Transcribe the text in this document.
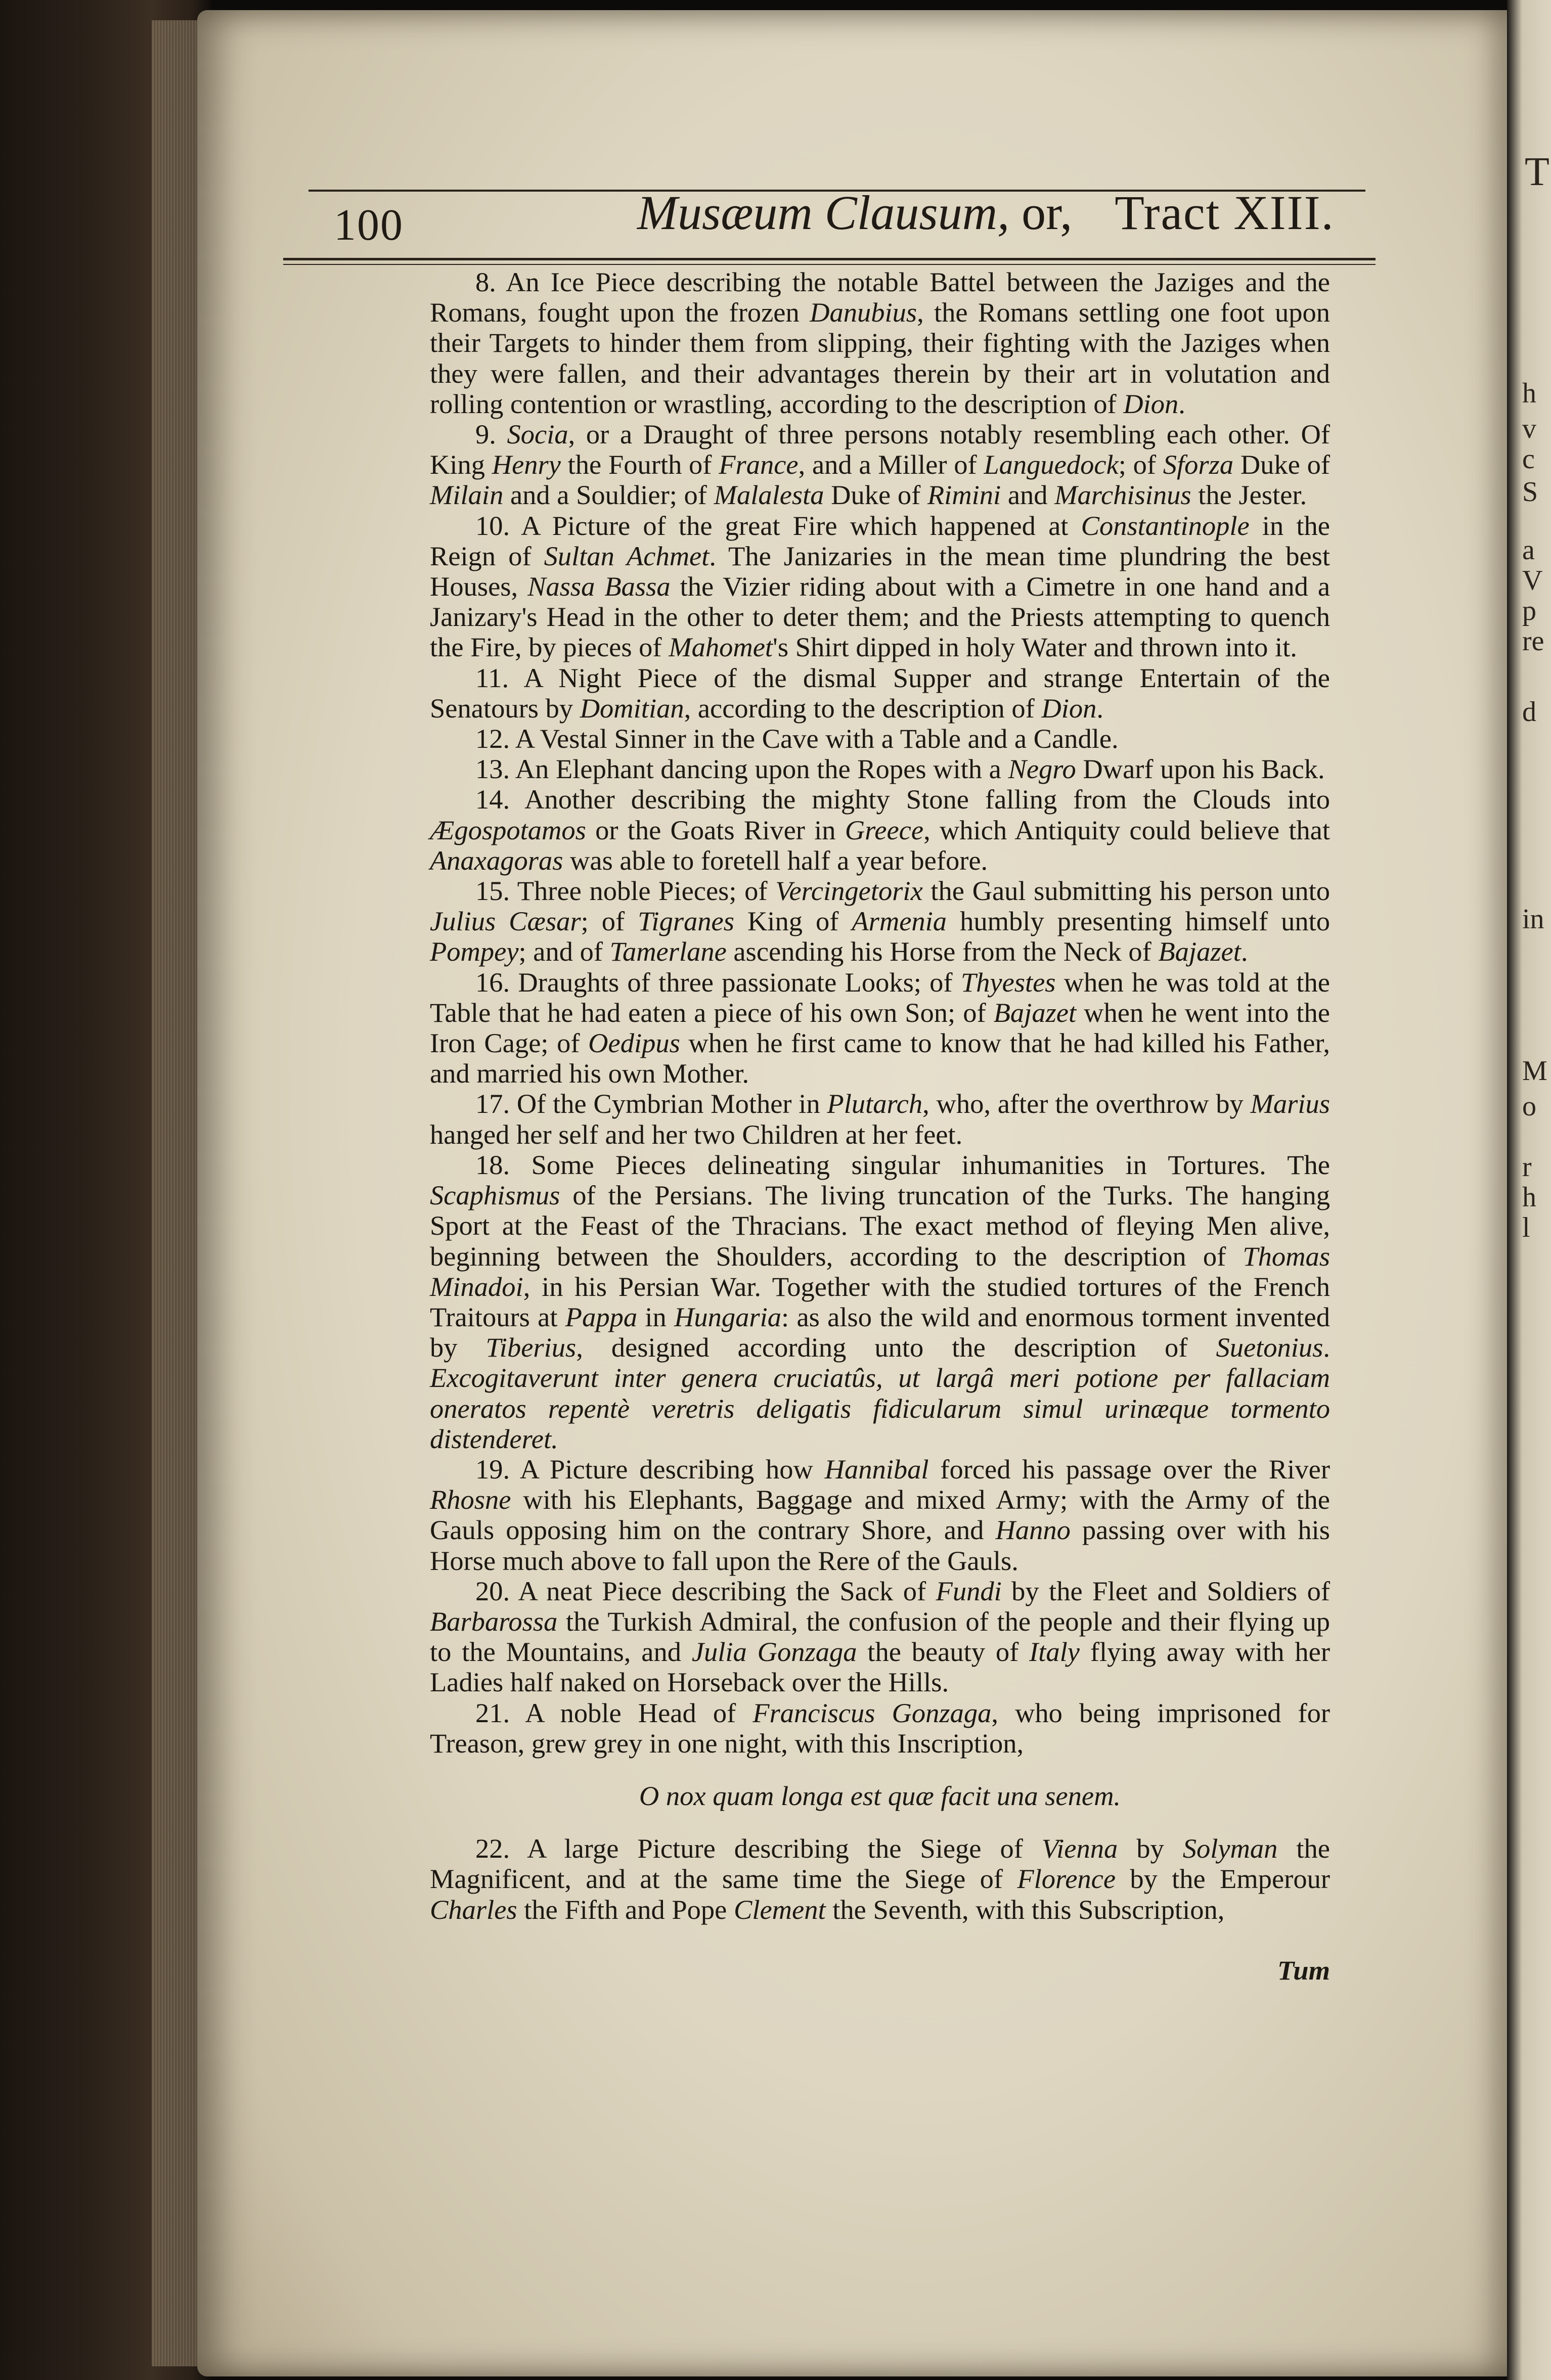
T
h
v
c
S
a
V
p
re
d
in
M
o
r
h
l
100	Musæum Clausum, or, Tract XIII.

8. An Ice Piece describing the notable Battel between the Jaziges and the Romans, fought upon the frozen Danubius, the Romans settling one foot upon their Targets to hinder them from slipping, their fighting with the Jaziges when they were fallen, and their advantages therein by their art in volutation and rolling contention or wrastling, according to the description of Dion.

9. Socia, or a Draught of three persons notably resembling each other. Of King Henry the Fourth of France, and a Miller of Languedock; of Sforza Duke of Milain and a Souldier; of Malalesta Duke of Rimini and Marchisinus the Jester.

10. A Picture of the great Fire which happened at Constantinople in the Reign of Sultan Achmet. The Janizaries in the mean time plundring the best Houses, Nassa Bassa the Vizier riding about with a Cimetre in one hand and a Janizary's Head in the other to deter them; and the Priests attempting to quench the Fire, by pieces of Mahomet's Shirt dipped in holy Water and thrown into it.

11. A Night Piece of the dismal Supper and strange Entertain of the Senatours by Domitian, according to the description of Dion.

12. A Vestal Sinner in the Cave with a Table and a Candle.

13. An Elephant dancing upon the Ropes with a Negro Dwarf upon his Back.

14. Another describing the mighty Stone falling from the Clouds into Ægospotamos or the Goats River in Greece, which Antiquity could believe that Anaxagoras was able to foretell half a year before.

15. Three noble Pieces; of Vercingetorix the Gaul submitting his person unto Julius Cæsar; of Tigranes King of Armenia humbly presenting himself unto Pompey; and of Tamerlane ascending his Horse from the Neck of Bajazet.

16. Draughts of three passionate Looks; of Thyestes when he was told at the Table that he had eaten a piece of his own Son; of Bajazet when he went into the Iron Cage; of Oedipus when he first came to know that he had killed his Father, and married his own Mother.

17. Of the Cymbrian Mother in Plutarch, who, after the overthrow by Marius hanged her self and her two Children at her feet.

18. Some Pieces delineating singular inhumanities in Tortures. The Scaphismus of the Persians. The living truncation of the Turks. The hanging Sport at the Feast of the Thracians. The exact method of fleying Men alive, beginning between the Shoulders, according to the description of Thomas Minadoi, in his Persian War. Together with the studied tortures of the French Traitours at Pappa in Hungaria: as also the wild and enormous torment invented by Tiberius, designed according unto the description of Suetonius. Excogitaverunt inter genera cruciatûs, ut largâ meri potione per fallaciam oneratos repentè veretris deligatis fidicularum simul urinæque tormento distenderet.

19. A Picture describing how Hannibal forced his passage over the River Rhosne with his Elephants, Baggage and mixed Army; with the Army of the Gauls opposing him on the contrary Shore, and Hanno passing over with his Horse much above to fall upon the Rere of the Gauls.

20. A neat Piece describing the Sack of Fundi by the Fleet and Soldiers of Barbarossa the Turkish Admiral, the confusion of the people and their flying up to the Mountains, and Julia Gonzaga the beauty of Italy flying away with her Ladies half naked on Horseback over the Hills.

21. A noble Head of Franciscus Gonzaga, who being imprisoned for Treason, grew grey in one night, with this Inscription,

O nox quam longa est quæ facit una senem.

22. A large Picture describing the Siege of Vienna by Solyman the Magnificent, and at the same time the Siege of Florence by the Emperour Charles the Fifth and Pope Clement the Seventh, with this Subscription,

Tum
